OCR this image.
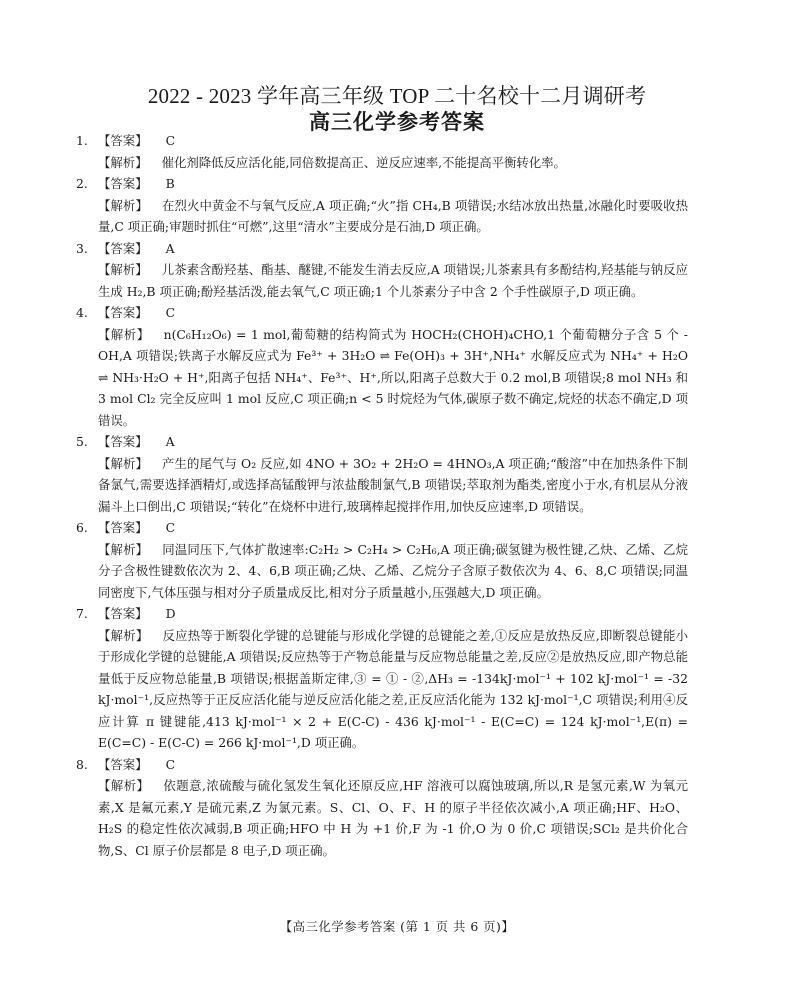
2022 - 2023 学年高三年级 TOP 二十名校十二月调研考
高三化学参考答案
1. 【答案】 C
【解析】 催化剂降低反应活化能,同倍数提高正、逆反应速率,不能提高平衡转化率。
2. 【答案】 B
【解析】 在烈火中黄金不与氧气反应,A 项正确;“火”指 CH₄,B 项错误;水结冰放出热量,冰融化时要吸收热量,C 项正确;审题时抓住“可燃”,这里“清水”主要成分是石油,D 项正确。
3. 【答案】 A
【解析】 儿茶素含酚羟基、酯基、醚键,不能发生消去反应,A 项错误;儿茶素具有多酚结构,羟基能与钠反应生成 H₂,B 项正确;酚羟基活泼,能去氧气,C 项正确;1 个儿茶素分子中含 2 个手性碳原子,D 项正确。
4. 【答案】 C
【解析】 n(C₆H₁₂O₆) = 1 mol,葡萄糖的结构简式为 HOCH₂(CHOH)₄CHO,1 个葡萄糖分子含 5 个 -OH,A 项错误;铁离子水解反应式为 Fe³⁺ + 3H₂O ⇌ Fe(OH)₃ + 3H⁺,NH₄⁺ 水解反应式为 NH₄⁺ + H₂O ⇌ NH₃·H₂O + H⁺,阳离子包括 NH₄⁺、Fe³⁺、H⁺,所以,阳离子总数大于 0.2 mol,B 项错误;8 mol NH₃ 和 3 mol Cl₂ 完全反应叫 1 mol 反应,C 项正确;n < 5 时烷烃为气体,碳原子数不确定,烷烃的状态不确定,D 项错误。
5. 【答案】 A
【解析】 产生的尾气与 O₂ 反应,如 4NO + 3O₂ + 2H₂O = 4HNO₃,A 项正确;“酸溶”中在加热条件下制备氯气,需要选择酒精灯,或选择高锰酸钾与浓盐酸制氯气,B 项错误;萃取剂为酯类,密度小于水,有机层从分液漏斗上口倒出,C 项错误;“转化”在烧杯中进行,玻璃棒起搅拌作用,加快反应速率,D 项错误。
6. 【答案】 C
【解析】 同温同压下,气体扩散速率:C₂H₂ > C₂H₄ > C₂H₆,A 项正确;碳氢键为极性键,乙炔、乙烯、乙烷分子含极性键数依次为 2、4、6,B 项正确;乙炔、乙烯、乙烷分子含原子数依次为 4、6、8,C 项错误;同温同密度下,气体压强与相对分子质量成反比,相对分子质量越小,压强越大,D 项正确。
7. 【答案】 D
【解析】 反应热等于断裂化学键的总键能与形成化学键的总键能之差,①反应是放热反应,即断裂总键能小于形成化学键的总键能,A 项错误;反应热等于产物总能量与反应物总能量之差,反应②是放热反应,即产物总能量低于反应物总能量,B 项错误;根据盖斯定律,③ = ① - ②,ΔH₃ = -134kJ·mol⁻¹ + 102 kJ·mol⁻¹ = -32 kJ·mol⁻¹,反应热等于正反应活化能与逆反应活化能之差,正反应活化能为 132 kJ·mol⁻¹,C 项错误;利用④反应计算 π 键键能,413 kJ·mol⁻¹ × 2 + E(C-C) - 436 kJ·mol⁻¹ - E(C=C) = 124 kJ·mol⁻¹,E(π) = E(C=C) - E(C-C) = 266 kJ·mol⁻¹,D 项正确。
8. 【答案】 C
【解析】 依题意,浓硫酸与硫化氢发生氧化还原反应,HF 溶液可以腐蚀玻璃,所以,R 是氢元素,W 为氧元素,X 是氟元素,Y 是硫元素,Z 为氯元素。S、Cl、O、F、H 的原子半径依次减小,A 项正确;HF、H₂O、H₂S 的稳定性依次减弱,B 项正确;HFO 中 H 为 +1 价,F 为 -1 价,O 为 0 价,C 项错误;SCl₂ 是共价化合物,S、Cl 原子价层都是 8 电子,D 项正确。
【高三化学参考答案 (第 1 页 共 6 页)】
